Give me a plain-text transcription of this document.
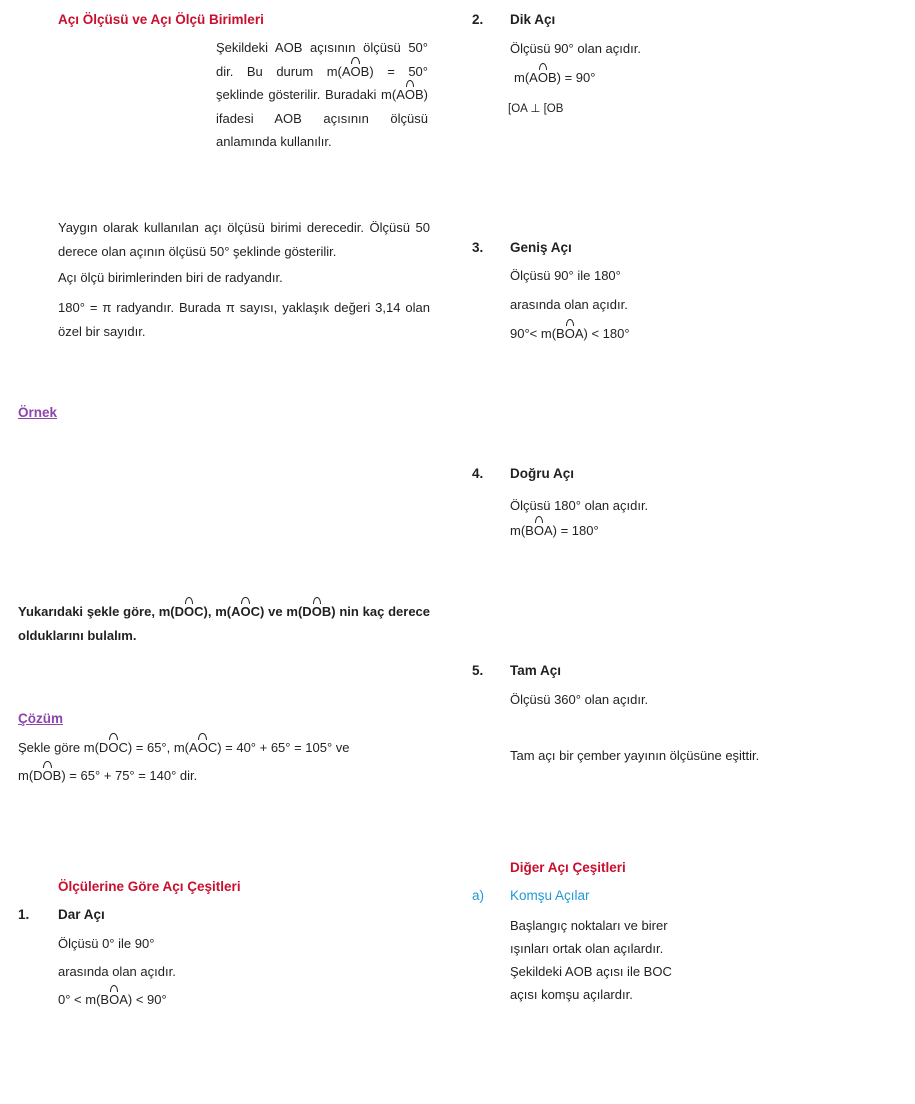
Açı Ölçüsü ve Açı Ölçü Birimleri
A
O	B
50°
Şekildeki AOB açısının ölçüsü 50° dir. Bu durum m(AOB) = 50° şeklinde gösterilir. Buradaki m(AOB) ifadesi AOB açısının ölçüsü anlamında kullanılır.
Yaygın olarak kullanılan açı ölçüsü birimi derecedir. Ölçüsü 50 derece olan açının ölçüsü 50° şeklinde gösterilir.
Açı ölçü birimlerinden biri de radyandır.
180° = π radyandır. Burada π sayısı, yaklaşık değeri 3,14 olan özel bir sayıdır.
Örnek
A	O	B
C
D
40°
65°
75°
Yukarıdaki şekle göre, m(DOC), m(AOC) ve m(DOB) nin kaç derece olduklarını bulalım.
Çözüm
Şekle göre m(DOC) = 65°, m(AOC) = 40° + 65° = 105° ve
m(DOB) = 65° + 75° = 140° dir.
Ölçülerine Göre Açı Çeşitleri
1. Dar Açı
Ölçüsü 0° ile 90°
arasında olan açıdır.
0° < m(BOA) < 90°
A
O
B
2. Dik Açı
Ölçüsü 90° olan açıdır.
m(AOB) = 90°
[OA ⊥ [OB
A
O	B
3. Geniş Açı
Ölçüsü 90° ile 180°
arasında olan açıdır.
90°< m(BOA) < 180°
A
O	B
4. Doğru Açı
Ölçüsü 180° olan açıdır.
m(BOA) = 180°
180°
A	O	B
5. Tam Açı
Ölçüsü 360° olan açıdır.
360°
O	A
Tam açı bir çember yayının ölçüsüne eşittir.
Diğer Açı Çeşitleri
a) Komşu Açılar
Başlangıç noktaları ve birer
ışınları ortak olan açılardır.
Şekildeki AOB açısı ile BOC
açısı komşu açılardır.
A
O
B
C
